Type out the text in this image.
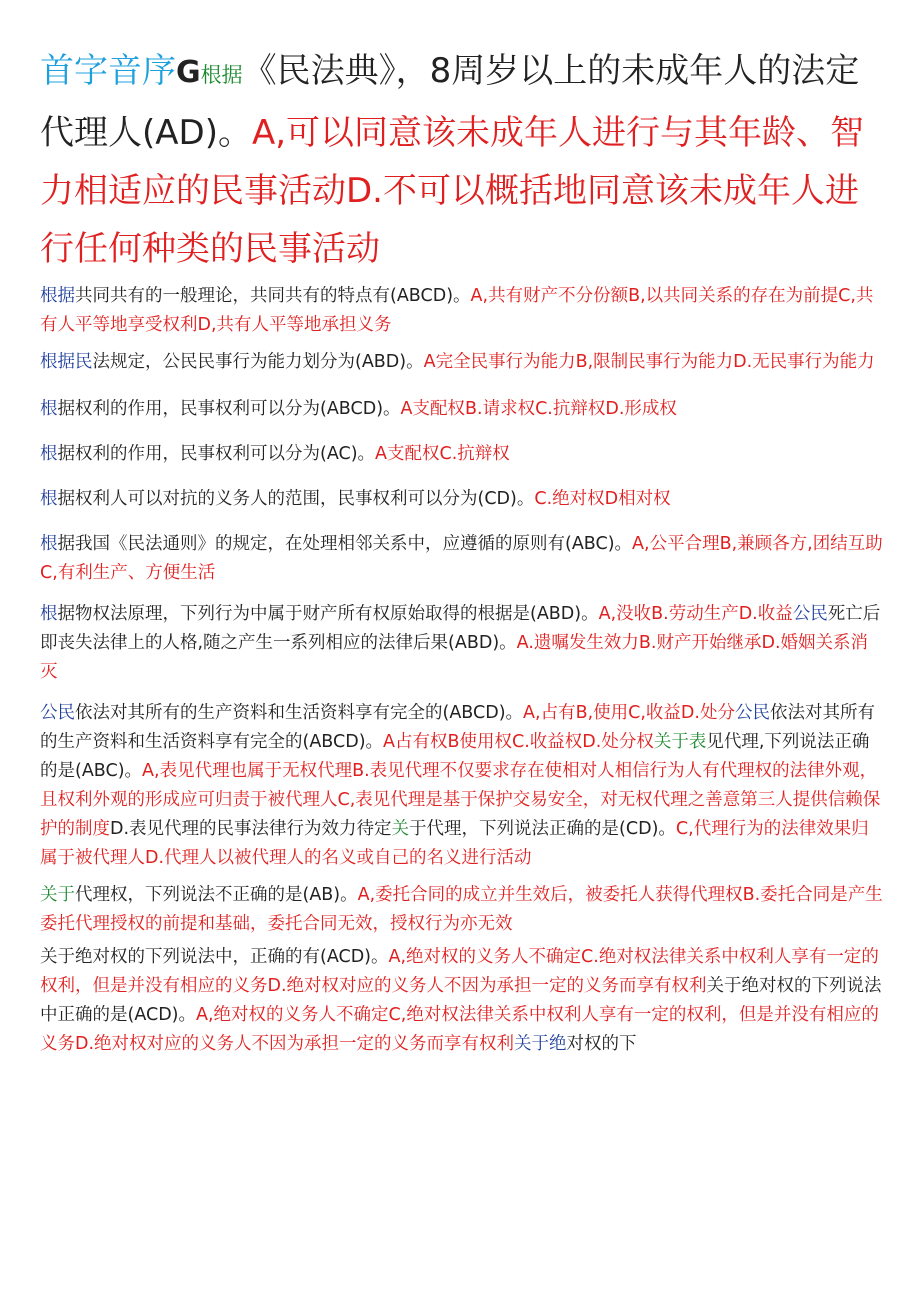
首字音序G根据《民法典》，8周岁以上的未成年人的法定代理人(AD)。A,可以同意该未成年人进行与其年龄、智力相适应的民事活动D.不可以概括地同意该未成年人进行任何种类的民事活动

根据共同共有的一般理论，共同共有的特点有(ABCD)。A,共有财产不分份额B,以共同关系的存在为前提C,共有人平等地享受权利D,共有人平等地承担义务

根据民法规定，公民民事行为能力划分为(ABD)。A完全民事行为能力B,限制民事行为能力D.无民事行为能力

根据权利的作用，民事权利可以分为(ABCD)。A支配权B.请求权C.抗辩权D.形成权

根据权利的作用，民事权利可以分为(AC)。A支配权C.抗辩权

根据权利人可以对抗的义务人的范围，民事权利可以分为(CD)。C.绝对权D相对权

根据我国《民法通则》的规定，在处理相邻关系中，应遵循的原则有(ABC)。A,公平合理B,兼顾各方,团结互助C,有利生产、方便生活

根据物权法原理，下列行为中属于财产所有权原始取得的根据是(ABD)。A,没收B.劳动生产D.收益公民死亡后即丧失法律上的人格,随之产生一系列相应的法律后果(ABD)。A.遗嘱发生效力B.财产开始继承D.婚姻关系消灭

公民依法对其所有的生产资料和生活资料享有完全的(ABCD)。A,占有B,使用C,收益D.处分公民依法对其所有的生产资料和生活资料享有完全的(ABCD)。A占有权B使用权C.收益权D.处分权关于表见代理,下列说法正确的是(ABC)。A,表见代理也属于无权代理B.表见代理不仅要求存在使相对人相信行为人有代理权的法律外观，且权利外观的形成应可归责于被代理人C,表见代理是基于保护交易安全，对无权代理之善意第三人提供信赖保护的制度D.表见代理的民事法律行为效力待定关于代理，下列说法正确的是(CD)。C,代理行为的法律效果归属于被代理人D.代理人以被代理人的名义或自己的名义进行活动

关于代理权，下列说法不正确的是(AB)。A,委托合同的成立并生效后，被委托人获得代理权B.委托合同是产生委托代理授权的前提和基础，委托合同无效，授权行为亦无效

关于绝对权的下列说法中，正确的有(ACD)。A,绝对权的义务人不确定C.绝对权法律关系中权利人享有一定的权利，但是并没有相应的义务D.绝对权对应的义务人不因为承担一定的义务而享有权利关于绝对权的下列说法中正确的是(ACD)。A,绝对权的义务人不确定C,绝对权法律关系中权利人享有一定的权利，但是并没有相应的义务D.绝对权对应的义务人不因为承担一定的义务而享有权利关于绝对权的下
